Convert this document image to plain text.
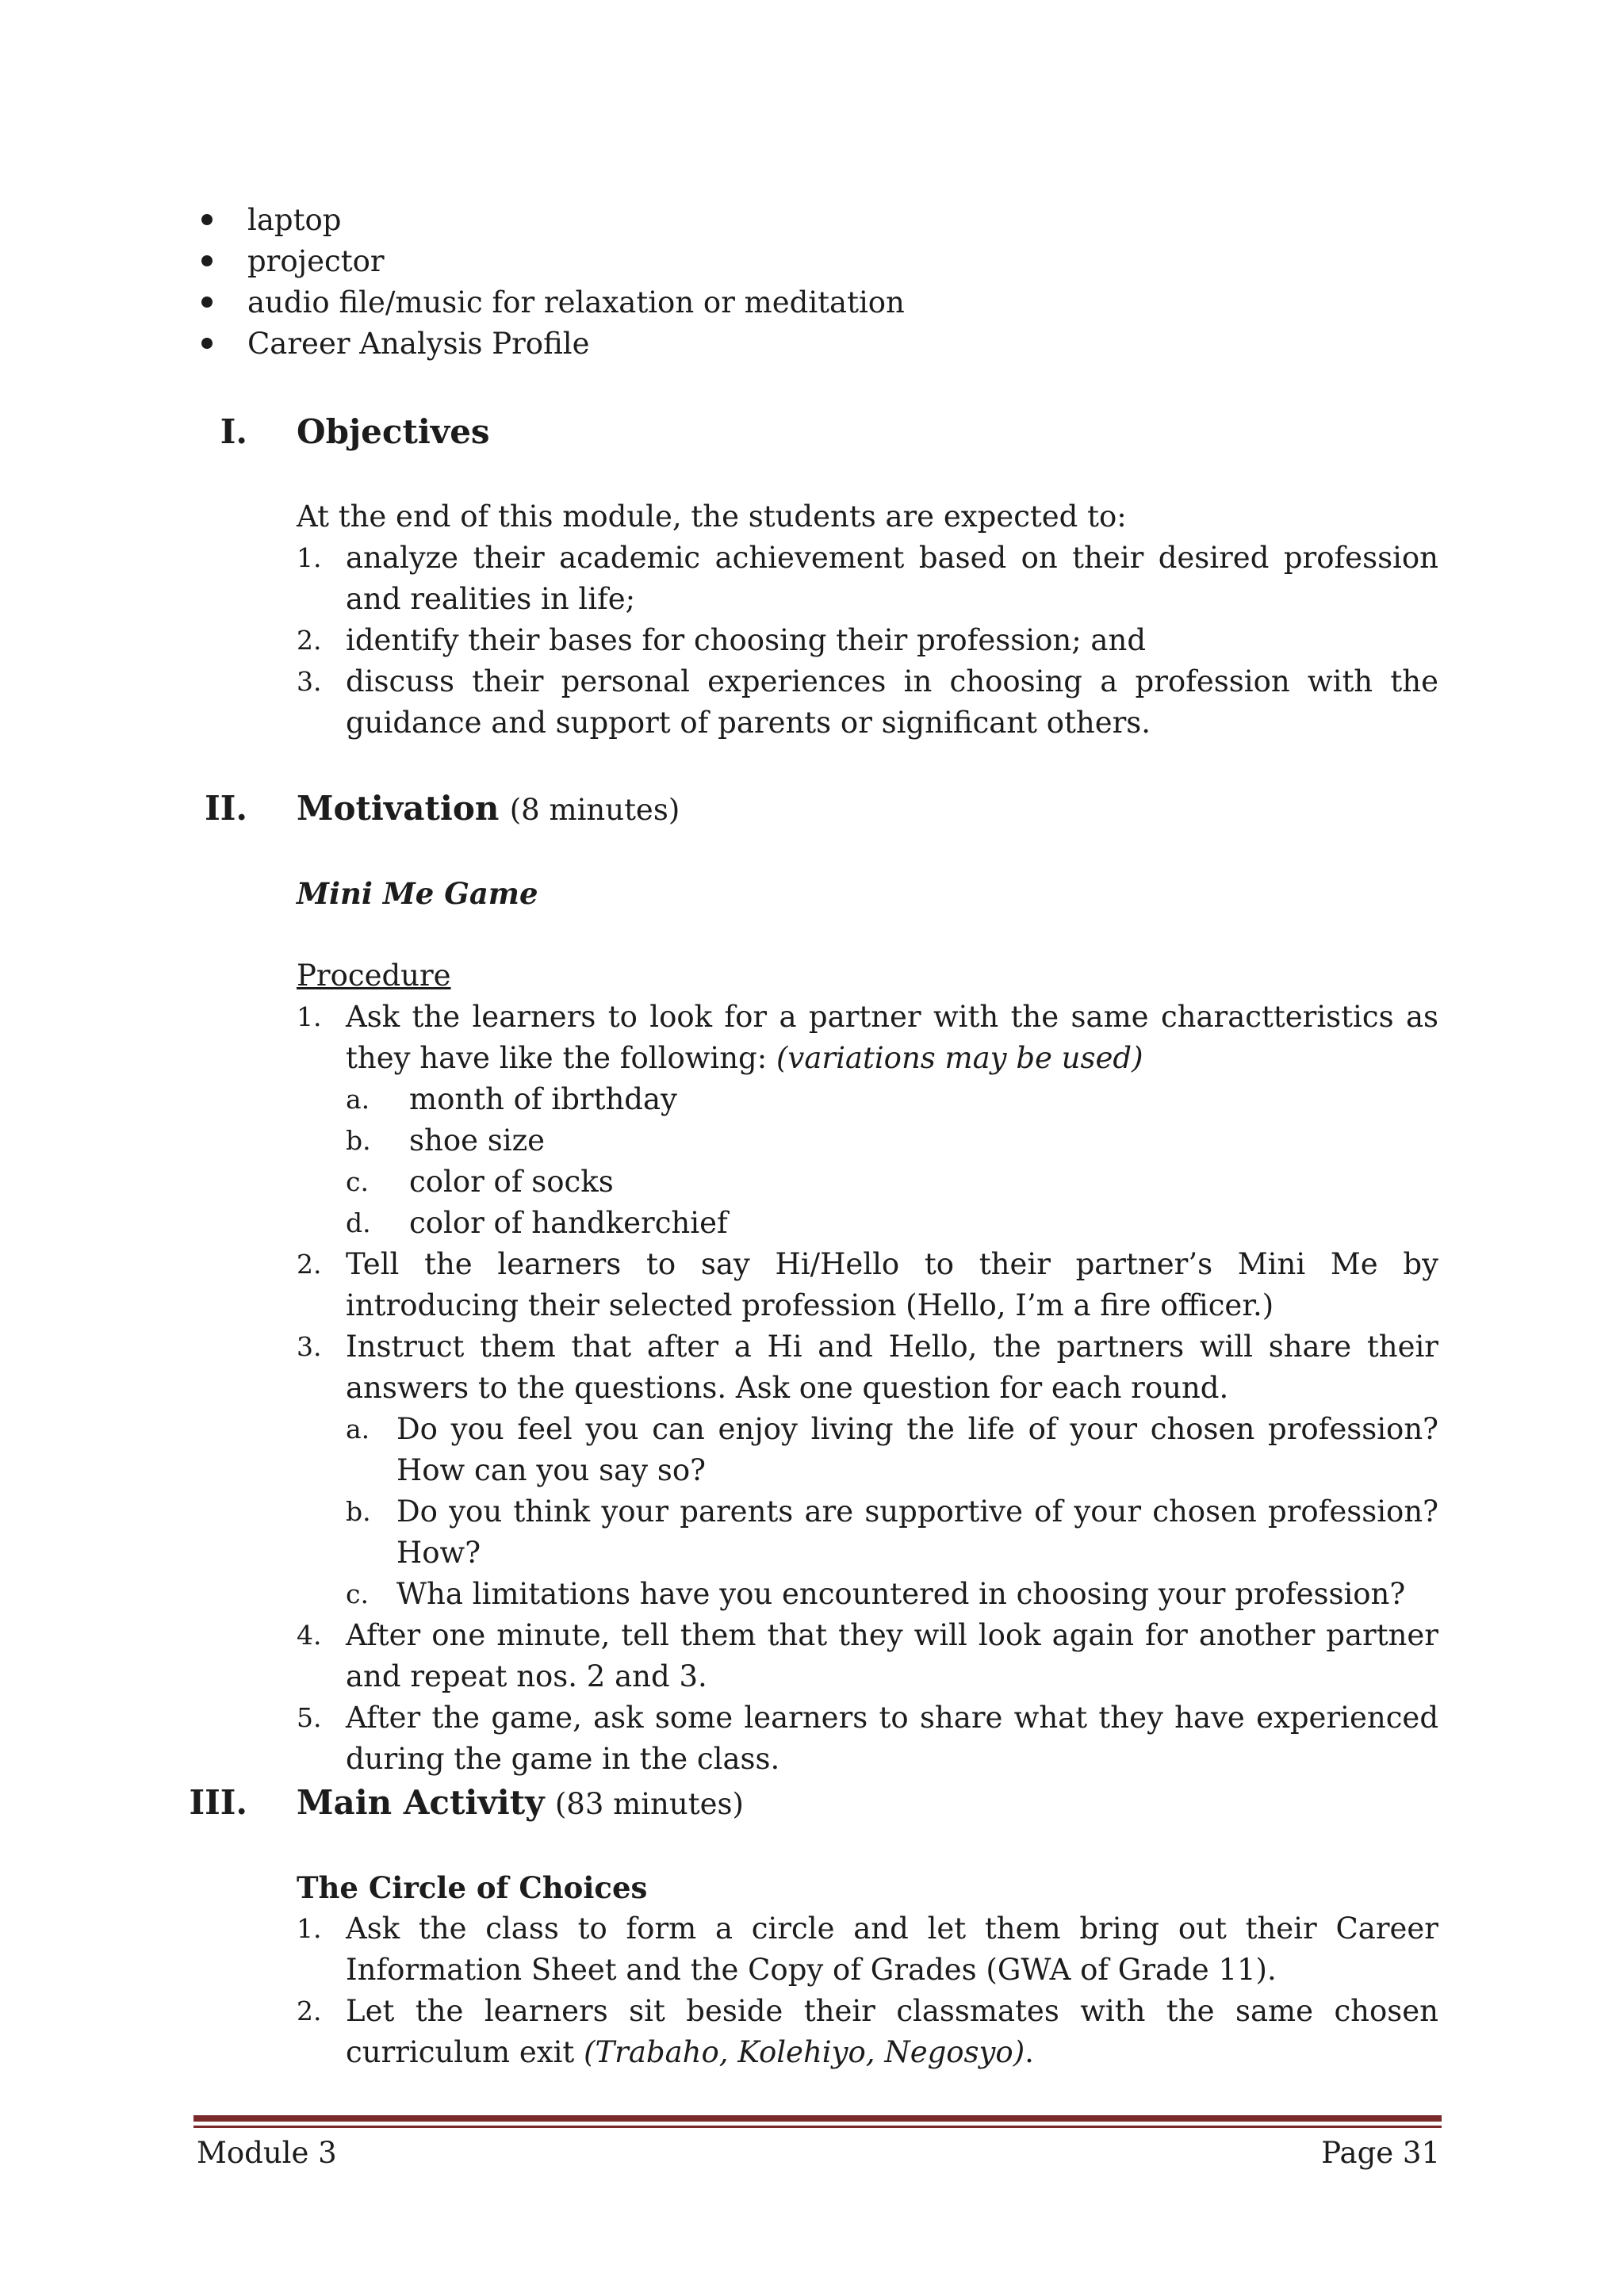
laptop
projector
audio file/music for relaxation or meditation
Career Analysis Profile
I. Objectives

At the end of this module, the students are expected to:

1. analyze their academic achievement based on their desired profession and realities in life;
2. identify their bases for choosing their profession; and
3. discuss their personal experiences in choosing a profession with the guidance and support of parents or significant others.
II. Motivation (8 minutes)

Mini Me Game

Procedure

1. Ask the learners to look for a partner with the same charactteristics as they have like the following: (variations may be used)
a. month of ibrthday
b. shoe size
c. color of socks
d. color of handkerchief
2. Tell the learners to say Hi/Hello to their partner’s Mini Me by introducing their selected profession (Hello, I’m a fire officer.)
3. Instruct them that after a Hi and Hello, the partners will share their answers to the questions. Ask one question for each round.
a. Do you feel you can enjoy living the life of your chosen profession? How can you say so?
b. Do you think your parents are supportive of your chosen profession? How?
c. Wha limitations have you encountered in choosing your profession?
4. After one minute, tell them that they will look again for another partner and repeat nos. 2 and 3.
5. After the game, ask some learners to share what they have experienced during the game in the class.
III. Main Activity (83 minutes)

The Circle of Choices

1. Ask the class to form a circle and let them bring out their Career Information Sheet and the Copy of Grades (GWA of Grade 11).
2. Let the learners sit beside their classmates with the same chosen curriculum exit (Trabaho, Kolehiyo, Negosyo).
Module 3	Page 31
